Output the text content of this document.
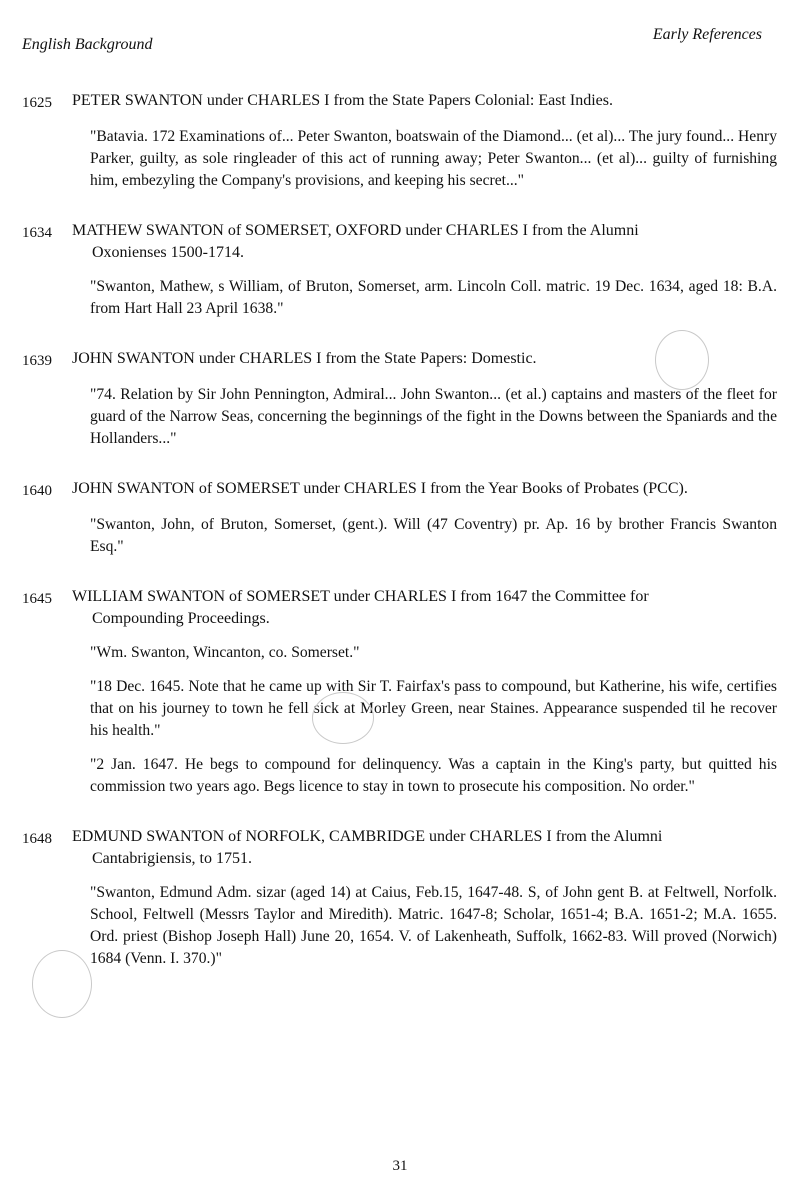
English Background
Early References
1625	PETER SWANTON under CHARLES I from the State Papers Colonial: East Indies.
"Batavia. 172 Examinations of... Peter Swanton, boatswain of the Diamond... (et al)... The jury found... Henry Parker, guilty, as sole ringleader of this act of running away; Peter Swanton... (et al)... guilty of furnishing him, embezyling the Company's provisions, and keeping his secret..."
1634	MATHEW SWANTON of SOMERSET, OXFORD under CHARLES I from the Alumni
Oxonienses 1500-1714.
"Swanton, Mathew, s William, of Bruton, Somerset, arm. Lincoln Coll. matric. 19 Dec. 1634, aged 18: B.A. from Hart Hall 23 April 1638."
1639	JOHN SWANTON under CHARLES I from the State Papers: Domestic.
"74. Relation by Sir John Pennington, Admiral... John Swanton... (et al.) captains and masters of the fleet for guard of the Narrow Seas, concerning the beginnings of the fight in the Downs between the Spaniards and the Hollanders..."
1640	JOHN SWANTON of SOMERSET under CHARLES I from the Year Books of Probates (PCC).
"Swanton, John, of Bruton, Somerset, (gent.). Will (47 Coventry) pr. Ap. 16 by brother Francis Swanton Esq."
1645	WILLIAM SWANTON of SOMERSET under CHARLES I from 1647 the Committee for
Compounding Proceedings.
"Wm. Swanton, Wincanton, co. Somerset."
"18 Dec. 1645. Note that he came up with Sir T. Fairfax's pass to compound, but Katherine, his wife, certifies that on his journey to town he fell sick at Morley Green, near Staines. Appearance suspended til he recover his health."
"2 Jan. 1647. He begs to compound for delinquency. Was a captain in the King's party, but quitted his commission two years ago. Begs licence to stay in town to prosecute his composition. No order."
1648	EDMUND SWANTON of NORFOLK, CAMBRIDGE under CHARLES I from the Alumni
Cantabrigiensis, to 1751.
"Swanton, Edmund Adm. sizar (aged 14) at Caius, Feb.15, 1647-48. S, of John gent B. at Feltwell, Norfolk. School, Feltwell (Messrs Taylor and Miredith). Matric. 1647-8; Scholar, 1651-4; B.A. 1651-2; M.A. 1655. Ord. priest (Bishop Joseph Hall) June 20, 1654. V. of Lakenheath, Suffolk, 1662-83. Will proved (Norwich) 1684 (Venn. I. 370.)"
31
